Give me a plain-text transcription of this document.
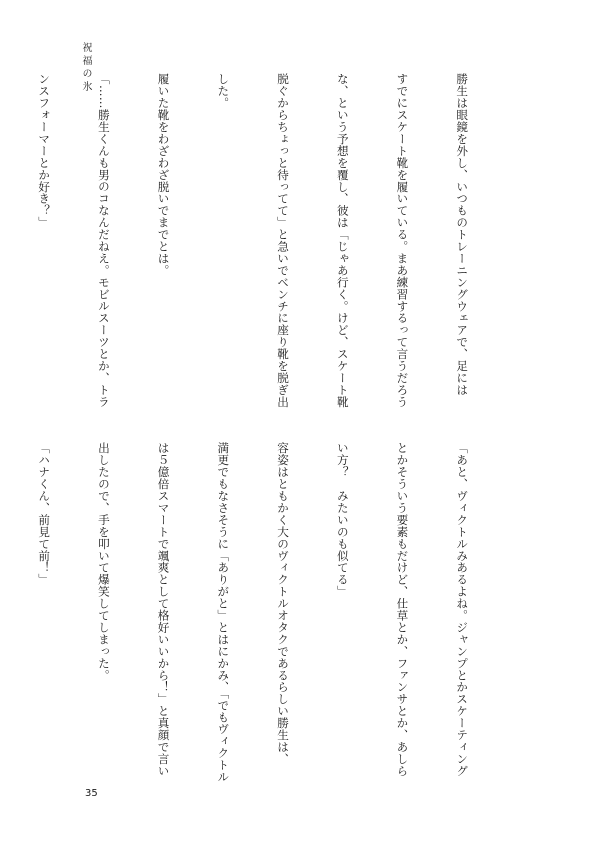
祝福の氷

勝生は眼鏡を外し、いつものトレーニングウェアで、足には

すでにスケート靴を履いている。まあ練習するって言うだろう

な、という予想を覆し、彼は「じゃあ行く。けど、スケート靴

脱ぐからちょっと待ってて」と急いでベンチに座り靴を脱ぎ出

した。

履いた靴をわざわざ脱いでまでとは。

「……勝生くんも男のコなんだねえ。モビルスーツとか、トラ

ンスフォーマーとか好き？」

「あと、ヴィクトルみあるよね。ジャンプとかスケーティング

とかそういう要素もだけど、仕草とか、ファンサとか、あしら

い方？　みたいのも似てる」

容姿はともかく大のヴィクトルオタクであるらしい勝生は、

満更でもなさそうに「ありがと」とはにかみ、「でもヴィクトル

は５億倍スマートで颯爽として格好いいから！」と真顔で言い

出したので、手を叩いて爆笑してしまった。

「ハナくん、前見て前！」

35
